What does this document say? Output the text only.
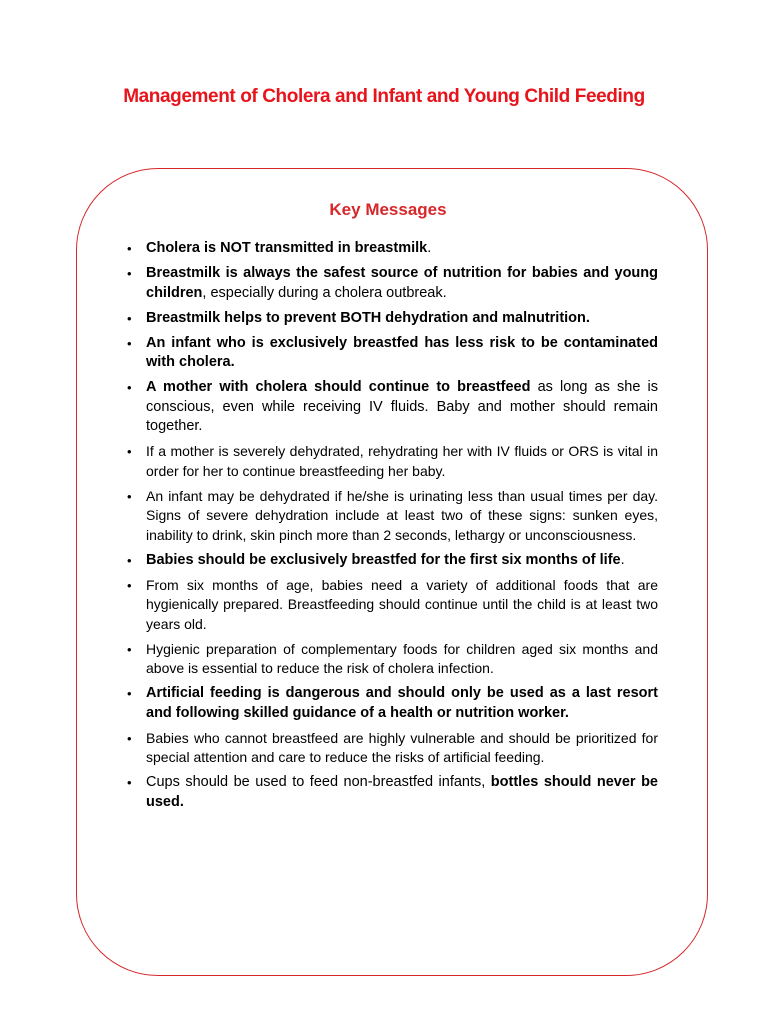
Management of Cholera and Infant and Young Child Feeding
Key Messages
• Cholera is NOT transmitted in breastmilk.
• Breastmilk is always the safest source of nutrition for babies and young children, especially during a cholera outbreak.
• Breastmilk helps to prevent BOTH dehydration and malnutrition.
• An infant who is exclusively breastfed has less risk to be contaminated with cholera.
• A mother with cholera should continue to breastfeed as long as she is conscious, even while receiving IV fluids. Baby and mother should remain together.
• If a mother is severely dehydrated, rehydrating her with IV fluids or ORS is vital in order for her to continue breastfeeding her baby.
• An infant may be dehydrated if he/she is urinating less than usual times per day. Signs of severe dehydration include at least two of these signs: sunken eyes, inability to drink, skin pinch more than 2 seconds, lethargy or unconsciousness.
• Babies should be exclusively breastfed for the first six months of life.
• From six months of age, babies need a variety of additional foods that are hygienically prepared. Breastfeeding should continue until the child is at least two years old.
• Hygienic preparation of complementary foods for children aged six months and above is essential to reduce the risk of cholera infection.
• Artificial feeding is dangerous and should only be used as a last resort and following skilled guidance of a health or nutrition worker.
• Babies who cannot breastfeed are highly vulnerable and should be prioritized for special attention and care to reduce the risks of artificial feeding.
• Cups should be used to feed non-breastfed infants, bottles should never be used.
